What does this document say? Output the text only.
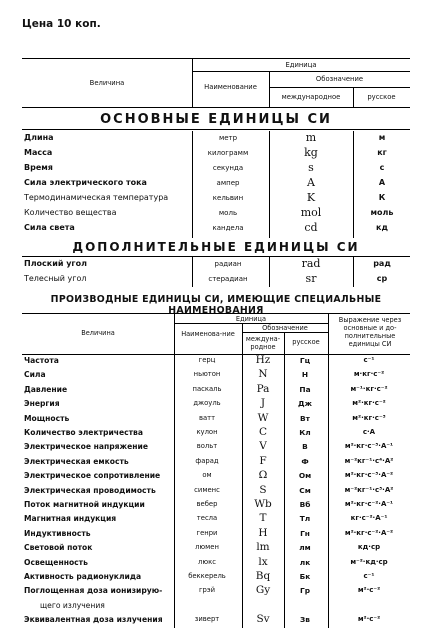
Цена 10 коп.
Величина
Единица
Наименование
Обозначение
международное	русское
ОСНОВНЫЕ ЕДИНИЦЫ СИ
Длина	метр	m	м
Масса	килограмм	kg	кг
Время	секунда	s	с
Сила электрического тока	ампер	A	А
Термодинамическая температура	кельвин	K	К
Количество вещества	моль	mol	моль
Сила света	кандела	cd	кд
ДОПОЛНИТЕЛЬНЫЕ ЕДИНИЦЫ СИ
Плоский угол	радиан	rad	рад
Телесный угол	стерадиан	sr	ср
ПРОИЗВОДНЫЕ ЕДИНИЦЫ СИ, ИМЕЮЩИЕ СПЕЦИАЛЬНЫЕ НАИМЕНОВАНИЯ
Величина
Единица
Наименова-ние
Обозначение
междуна-родное
русское
Выражение через основные и до-полнительные единицы СИ
Частота	герц	Hz	Гц	с⁻¹
Сила	ньютон	N	Н	м·кг·с⁻²
Давление	паскаль	Pa	Па	м⁻¹·кг·с⁻²
Энергия	джоуль	J	Дж	м²·кг·с⁻²
Мощность	ватт	W	Вт	м²·кг·с⁻³
Количество электричества	кулон	C	Кл	с·А
Электрическое напряжение	вольт	V	В	м²·кг·с⁻³·А⁻¹
Электрическая емкость	фарад	F	Ф	м⁻²кг⁻¹·с⁴·А²
Электрическое сопротивление	ом	Ω	Ом	м²·кг·с⁻³·А⁻²
Электрическая проводимость	сименс	S	См	м⁻²кг⁻¹·с³·А²
Поток магнитной индукции	вебер	Wb	Вб	м²·кг·с⁻²·А⁻¹
Магнитная индукция	тесла	T	Тл	кг·с⁻²·А⁻¹
Индуктивность	генри	H	Гн	м²·кг·с⁻²·А⁻²
Световой поток	люмен	lm	лм	кд·ср
Освещенность	люкс	lx	лк	м⁻²·кд·ср
Активность радионуклида	беккерель	Bq	Бк	с⁻¹
Поглощенная доза ионизирую-	грэй	Gy	Гр	м²·с⁻²
щего излучения
Эквивалентная доза излучения	зиверт	Sv	Зв	м²·с⁻²
